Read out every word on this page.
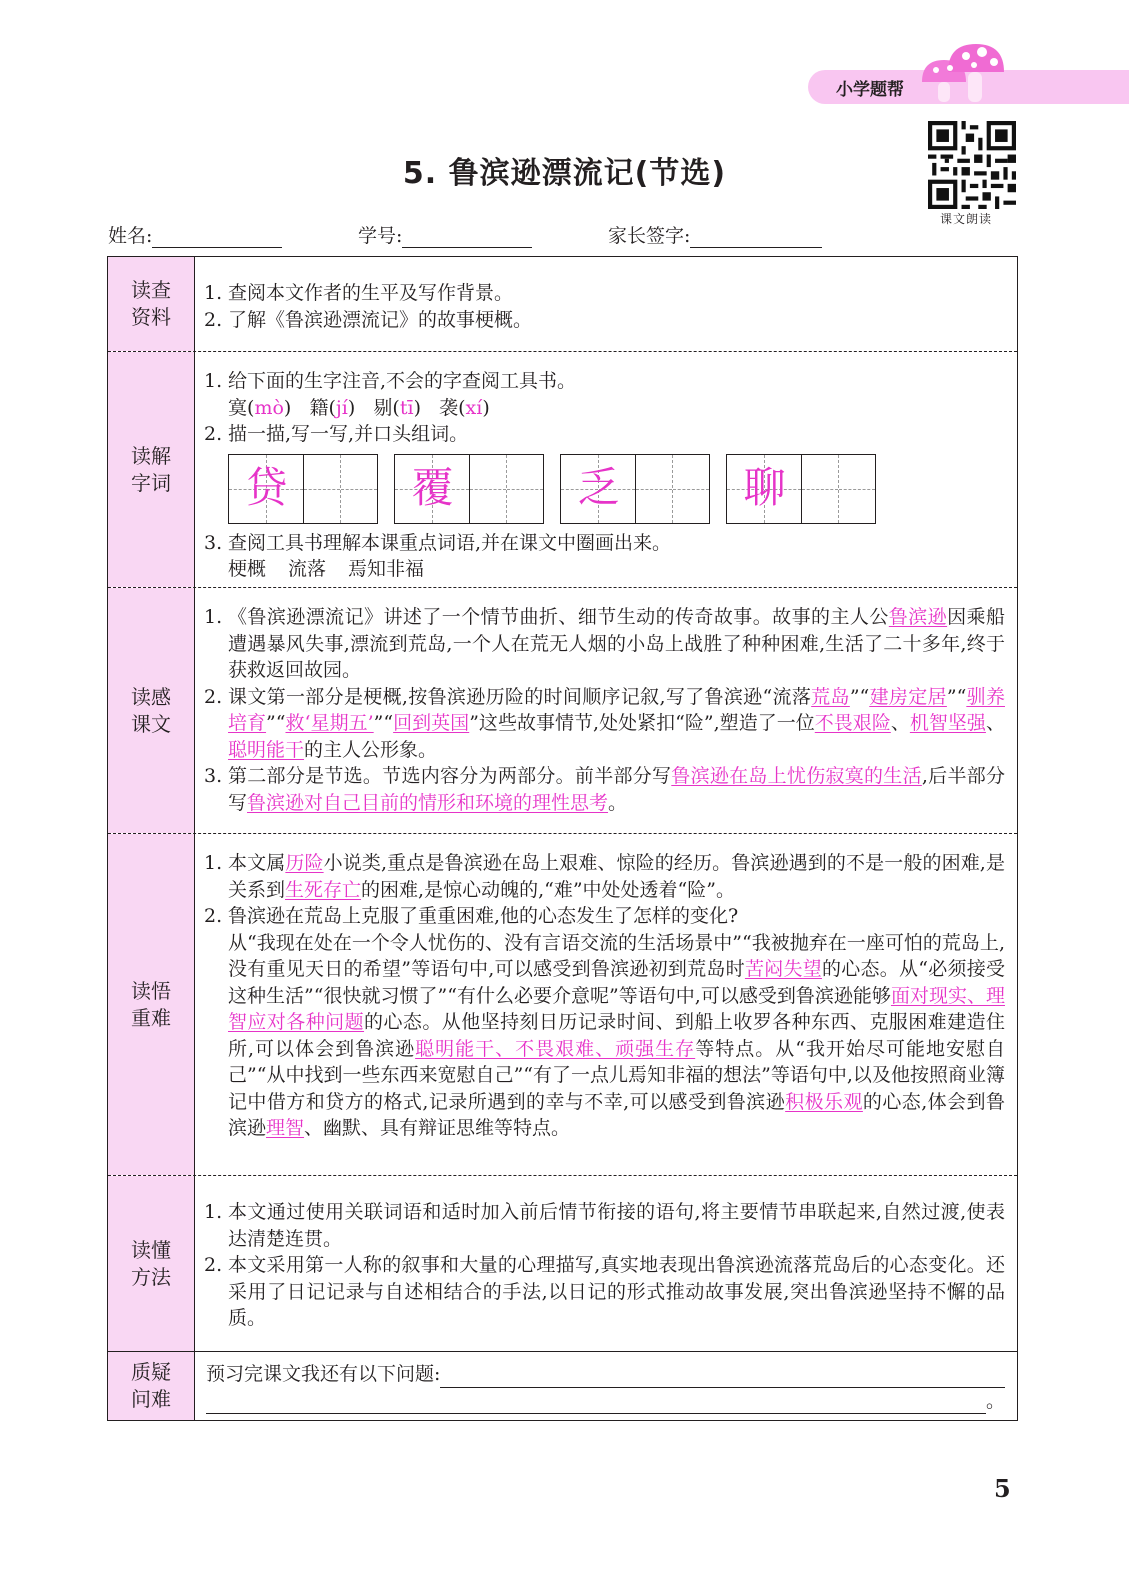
小学题帮
课文朗读
5. 鲁滨逊漂流记(节选)
姓名:	学号:	家长签字:
读查
资料
1. 查阅本文作者的生平及写作背景。
2. 了解《鲁滨逊漂流记》的故事梗概。
读解
字词
1. 给下面的生字注音,不会的字查阅工具书。
寞(mò) 籍(jí) 剔(tī) 袭(xí)
2. 描一描,写一写,并口头组词。
贷	覆	乏	聊
3. 查阅工具书理解本课重点词语,并在课文中圈画出来。
梗概 流落 焉知非福
读感
课文
1. 《鲁滨逊漂流记》讲述了一个情节曲折、细节生动的传奇故事。故事的主人公鲁滨逊因乘船遭遇暴风失事,漂流到荒岛,一个人在荒无人烟的小岛上战胜了种种困难,生活了二十多年,终于获救返回故园。
2. 课文第一部分是梗概,按鲁滨逊历险的时间顺序记叙,写了鲁滨逊“流落荒岛”“建房定居”“驯养培育”“救‘星期五’”“回到英国”这些故事情节,处处紧扣“险”,塑造了一位不畏艰险、机智坚强、聪明能干的主人公形象。
3. 第二部分是节选。节选内容分为两部分。前半部分写鲁滨逊在岛上忧伤寂寞的生活,后半部分写鲁滨逊对自己目前的情形和环境的理性思考。
读悟
重难
1. 本文属历险小说类,重点是鲁滨逊在岛上艰难、惊险的经历。鲁滨逊遇到的不是一般的困难,是关系到生死存亡的困难,是惊心动魄的,“难”中处处透着“险”。
2. 鲁滨逊在荒岛上克服了重重困难,他的心态发生了怎样的变化?
从“我现在处在一个令人忧伤的、没有言语交流的生活场景中”“我被抛弃在一座可怕的荒岛上,没有重见天日的希望”等语句中,可以感受到鲁滨逊初到荒岛时苦闷失望的心态。从“必须接受这种生活”“很快就习惯了”“有什么必要介意呢”等语句中,可以感受到鲁滨逊能够面对现实、理智应对各种问题的心态。从他坚持刻日历记录时间、到船上收罗各种东西、克服困难建造住所,可以体会到鲁滨逊聪明能干、不畏艰难、顽强生存等特点。从“我开始尽可能地安慰自己”“从中找到一些东西来宽慰自己”“有了一点儿焉知非福的想法”等语句中,以及他按照商业簿记中借方和贷方的格式,记录所遇到的幸与不幸,可以感受到鲁滨逊积极乐观的心态,体会到鲁滨逊理智、幽默、具有辩证思维等特点。
读懂
方法
1. 本文通过使用关联词语和适时加入前后情节衔接的语句,将主要情节串联起来,自然过渡,使表达清楚连贯。
2. 本文采用第一人称的叙事和大量的心理描写,真实地表现出鲁滨逊流落荒岛后的心态变化。还采用了日记记录与自述相结合的手法,以日记的形式推动故事发展,突出鲁滨逊坚持不懈的品质。
质疑
问难
预习完课文我还有以下问题:
。
5
